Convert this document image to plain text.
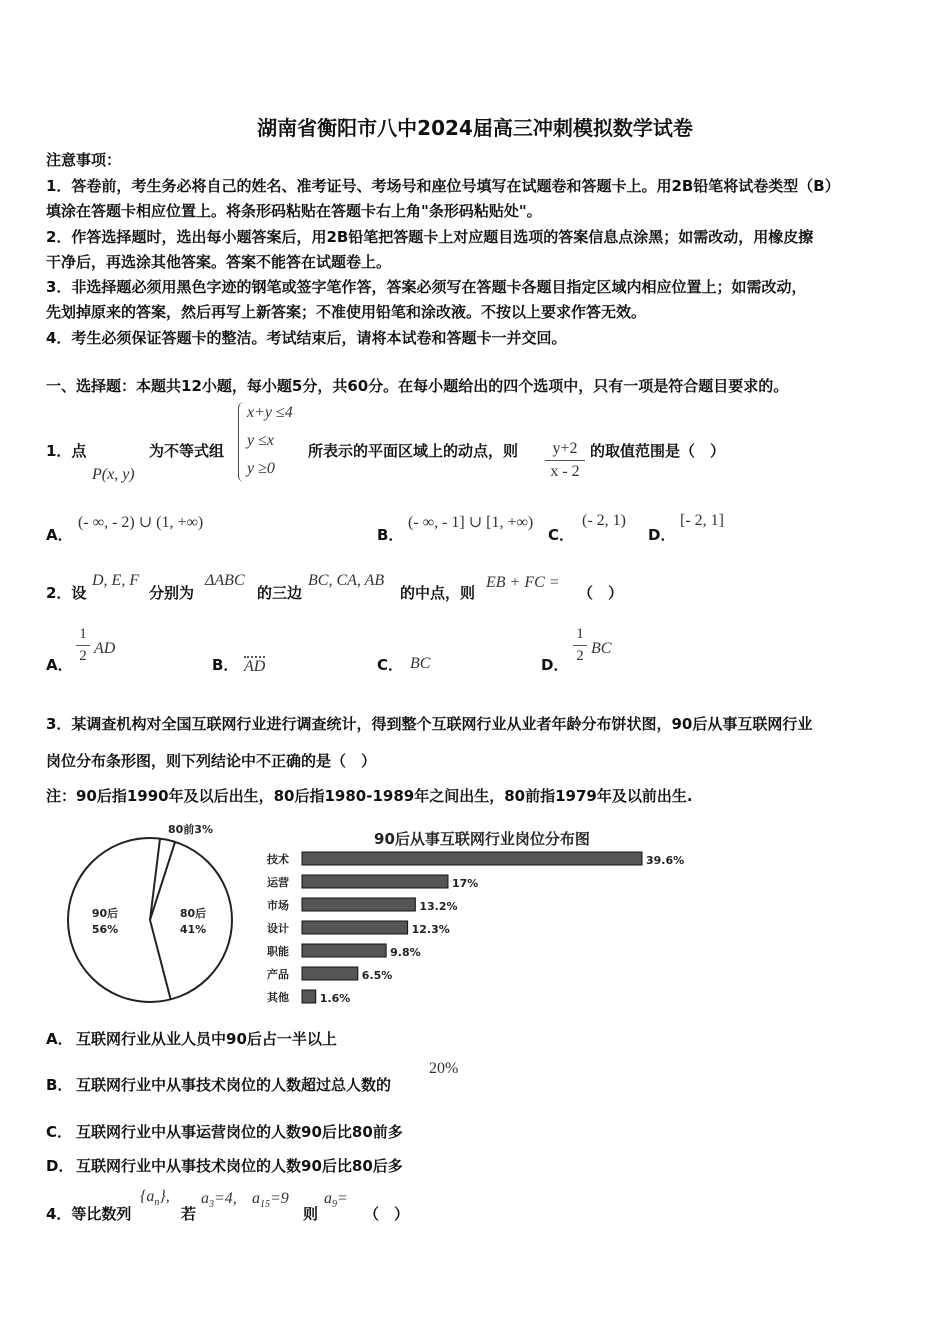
湖南省衡阳市八中2024届高三冲刺模拟数学试卷
注意事项：
1．答卷前，考生务必将自己的姓名、准考证号、考场号和座位号填写在试题卷和答题卡上。用2B铅笔将试卷类型（B）
填涂在答题卡相应位置上。将条形码粘贴在答题卡右上角"条形码粘贴处"。
2．作答选择题时，选出每小题答案后，用2B铅笔把答题卡上对应题目选项的答案信息点涂黑；如需改动，用橡皮擦
干净后，再选涂其他答案。答案不能答在试题卷上。
3．非选择题必须用黑色字迹的钢笔或签字笔作答，答案必须写在答题卡各题目指定区域内相应位置上；如需改动，
先划掉原来的答案，然后再写上新答案；不准使用铅笔和涂改液。不按以上要求作答无效。
4．考生必须保证答题卡的整洁。考试结束后，请将本试卷和答题卡一并交回。
一、选择题：本题共12小题，每小题5分，共60分。在每小题给出的四个选项中，只有一项是符合题目要求的。
1．点
P(x, y)
为不等式组
x+y ≤4
y ≤x
y ≥0
所表示的平面区域上的动点，则	y+2
x - 2
的取值范围是（　）
A．
(- ∞, - 2) ∪ (1, +∞)
B．
(- ∞, - 1] ∪ [1, +∞)
C．
(- 2, 1)
D．
[- 2, 1]
2．设
D, E, F
分别为
ΔABC
的三边
BC, CA, AB
的中点，则
EB + FC =
（　）
A．
1
2 AD
B． AD	C． BC	D．
1
2 BC
3．某调查机构对全国互联网行业进行调查统计，得到整个互联网行业从业者年龄分布饼状图，90后从事互联网行业
岗位分布条形图，则下列结论中不正确的是（　）
注：90后指1990年及以后出生，80后指1980-1989年之间出生，80前指1979年及以前出生.
90后
56%
80后
41%
80前3%
90后从事互联网行业岗位分布图
技术	39.6%
运营	17%
市场	13.2%
设计	12.3%
职能	9.8%
产品	6.5%
其他	1.6%
A． 互联网行业从业人员中90后占一半以上
B． 互联网行业中从事技术岗位的人数超过总人数的
20%
C． 互联网行业中从事运营岗位的人数90后比80前多
D． 互联网行业中从事技术岗位的人数90后比80后多
4．等比数列
$\{a_n\}$,
若
$a_3=4$, $a_{15}=9$
则
$a_9=$
（　）
